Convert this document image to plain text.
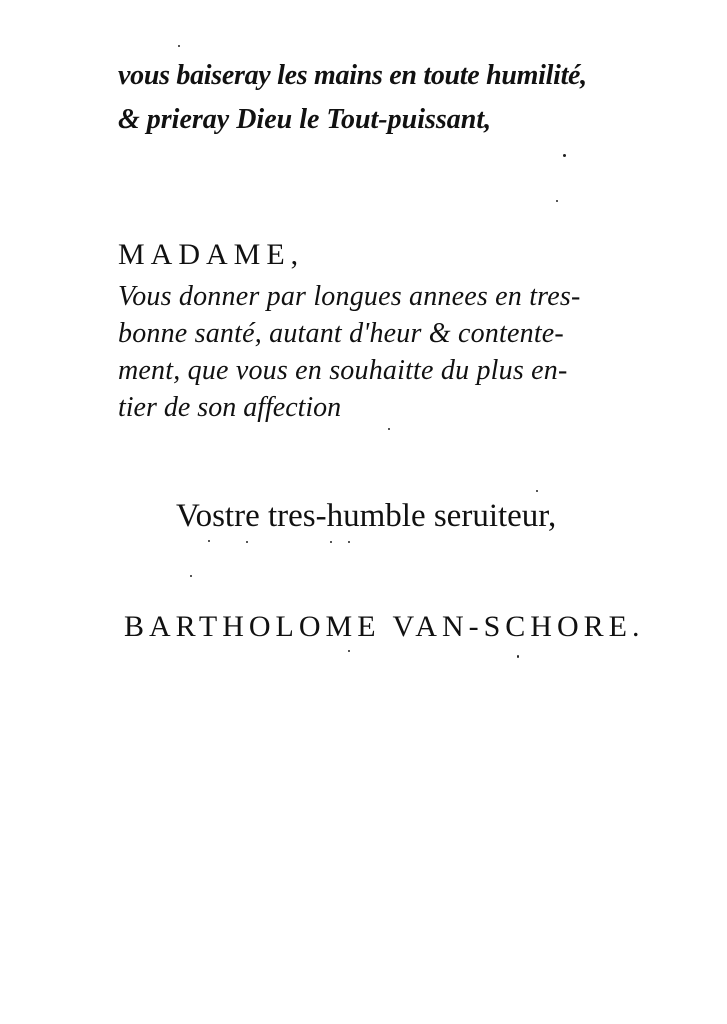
vous baiseray les mains en toute humilité,
& prieray Dieu le Tout-puissant,
MADAME,
Vous donner par longues annees en tres-
bonne santé, autant d'heur & contente-
ment, que vous en souhaitte du plus en-
tier de son affection
Vostre tres-humble seruiteur,
BARTHOLOME VAN-SCHORE.
